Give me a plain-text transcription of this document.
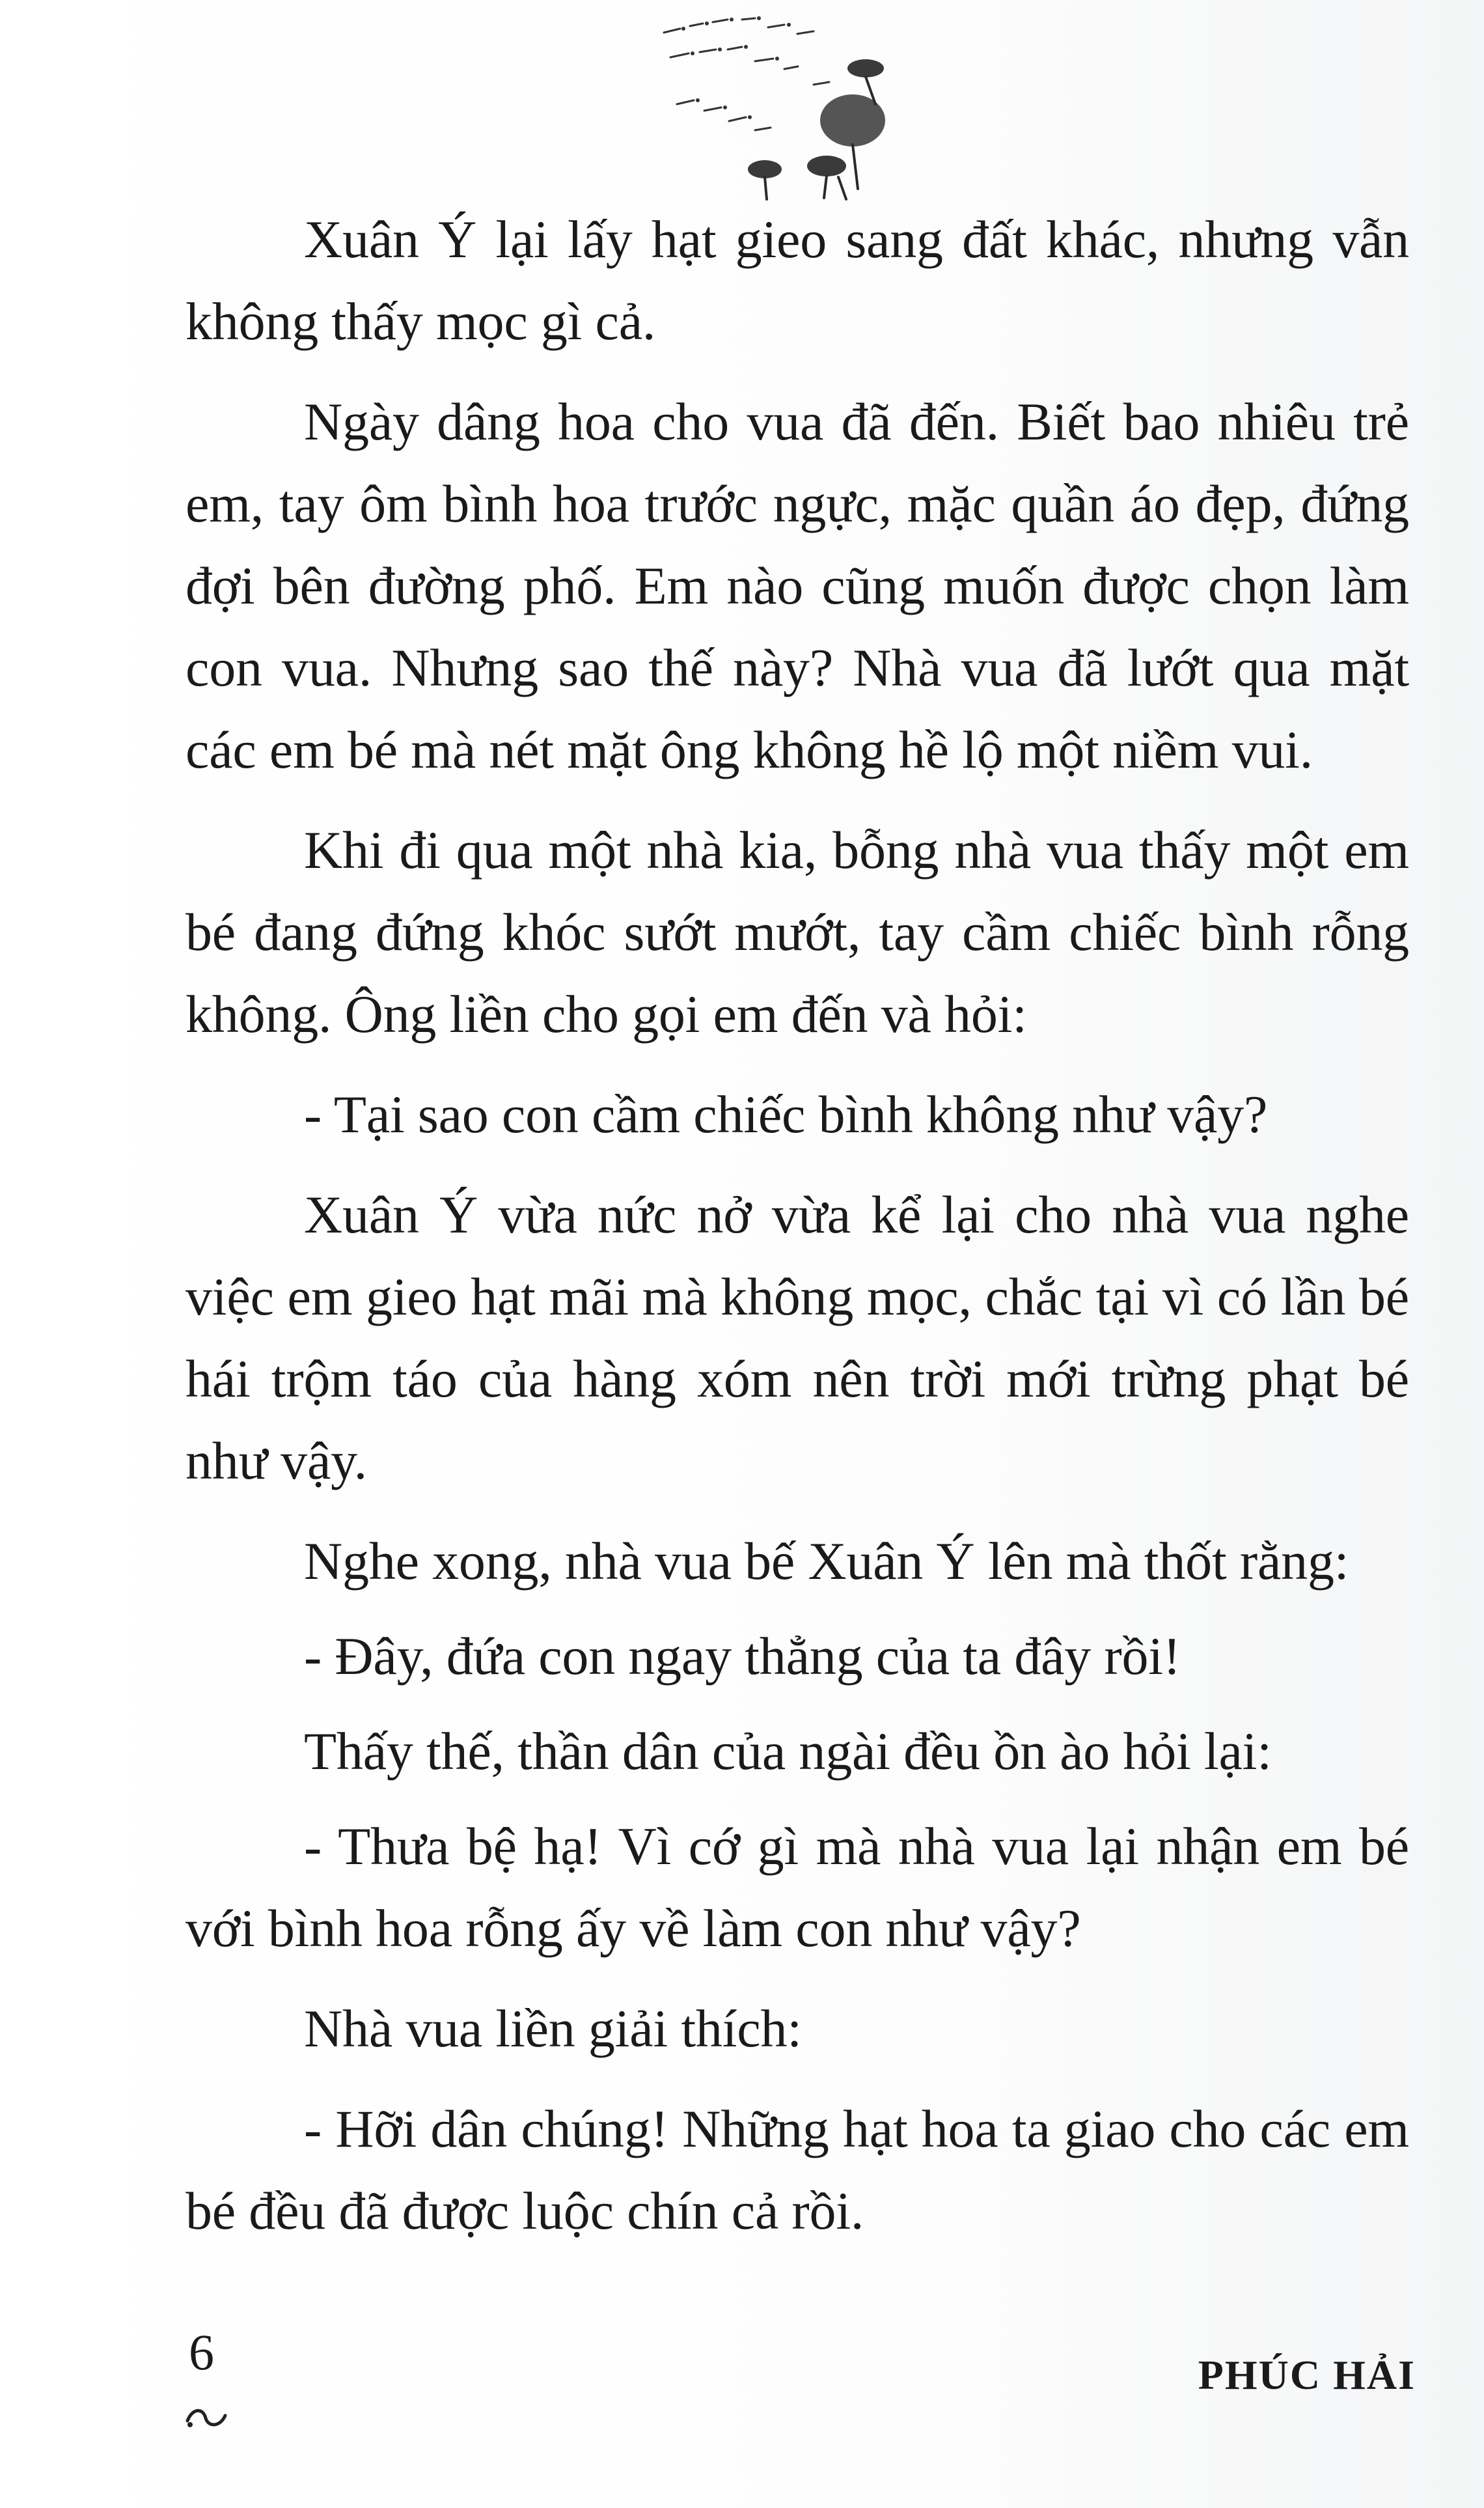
Xuân Ý lại lấy hạt gieo sang đất khác, nhưng vẫn không thấy mọc gì cả.

Ngày dâng hoa cho vua đã đến. Biết bao nhiêu trẻ em, tay ôm bình hoa trước ngực, mặc quần áo đẹp, đứng đợi bên đường phố. Em nào cũng muốn được chọn làm con vua. Nhưng sao thế này? Nhà vua đã lướt qua mặt các em bé mà nét mặt ông không hề lộ một niềm vui.

Khi đi qua một nhà kia, bỗng nhà vua thấy một em bé đang đứng khóc sướt mướt, tay cầm chiếc bình rỗng không. Ông liền cho gọi em đến và hỏi:

- Tại sao con cầm chiếc bình không như vậy?

Xuân Ý vừa nức nở vừa kể lại cho nhà vua nghe việc em gieo hạt mãi mà không mọc, chắc tại vì có lần bé hái trộm táo của hàng xóm nên trời mới trừng phạt bé như vậy.

Nghe xong, nhà vua bế Xuân Ý lên mà thốt rằng:

- Đây, đứa con ngay thẳng của ta đây rồi!

Thấy thế, thần dân của ngài đều ồn ào hỏi lại:

- Thưa bệ hạ! Vì cớ gì mà nhà vua lại nhận em bé với bình hoa rỗng ấy về làm con như vậy?

Nhà vua liền giải thích:

- Hỡi dân chúng! Những hạt hoa ta giao cho các em bé đều đã được luộc chín cả rồi.

6	PHÚC HẢI
